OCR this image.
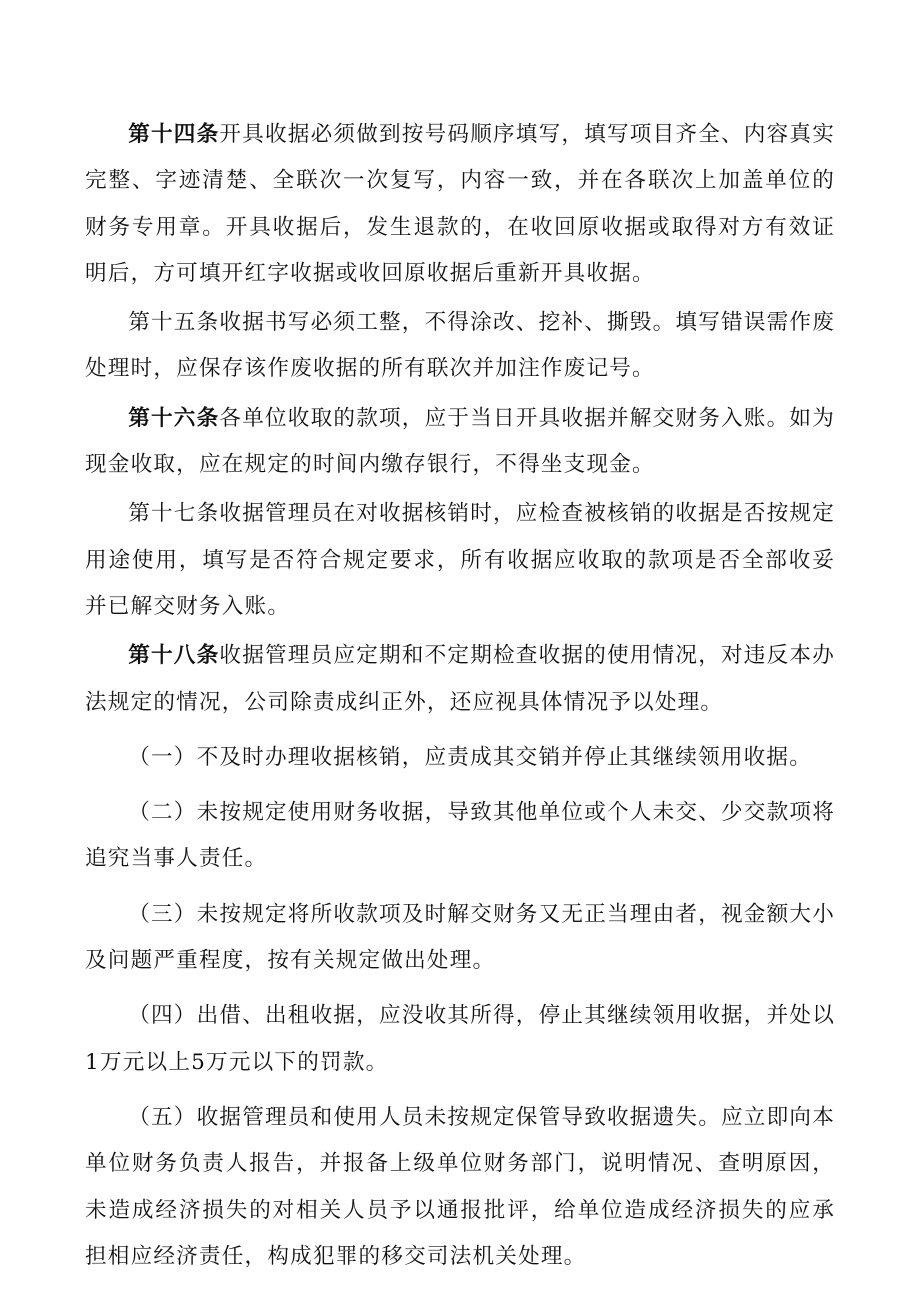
第十四条开具收据必须做到按号码顺序填写，填写项目齐全、内容真实完整、字迹清楚、全联次一次复写，内容一致，并在各联次上加盖单位的财务专用章。开具收据后，发生退款的，在收回原收据或取得对方有效证明后，方可填开红字收据或收回原收据后重新开具收据。

第十五条收据书写必须工整，不得涂改、挖补、撕毁。填写错误需作废处理时，应保存该作废收据的所有联次并加注作废记号。

第十六条各单位收取的款项，应于当日开具收据并解交财务入账。如为现金收取，应在规定的时间内缴存银行，不得坐支现金。

第十七条收据管理员在对收据核销时，应检查被核销的收据是否按规定用途使用，填写是否符合规定要求，所有收据应收取的款项是否全部收妥并已解交财务入账。

第十八条收据管理员应定期和不定期检查收据的使用情况，对违反本办法规定的情况，公司除责成纠正外，还应视具体情况予以处理。

（一）不及时办理收据核销，应责成其交销并停止其继续领用收据。

（二）未按规定使用财务收据，导致其他单位或个人未交、少交款项将追究当事人责任。

（三）未按规定将所收款项及时解交财务又无正当理由者，视金额大小及问题严重程度，按有关规定做出处理。

（四）出借、出租收据，应没收其所得，停止其继续领用收据，并处以1万元以上5万元以下的罚款。

（五）收据管理员和使用人员未按规定保管导致收据遗失。应立即向本单位财务负责人报告，并报备上级单位财务部门，说明情况、查明原因，未造成经济损失的对相关人员予以通报批评，给单位造成经济损失的应承担相应经济责任，构成犯罪的移交司法机关处理。
